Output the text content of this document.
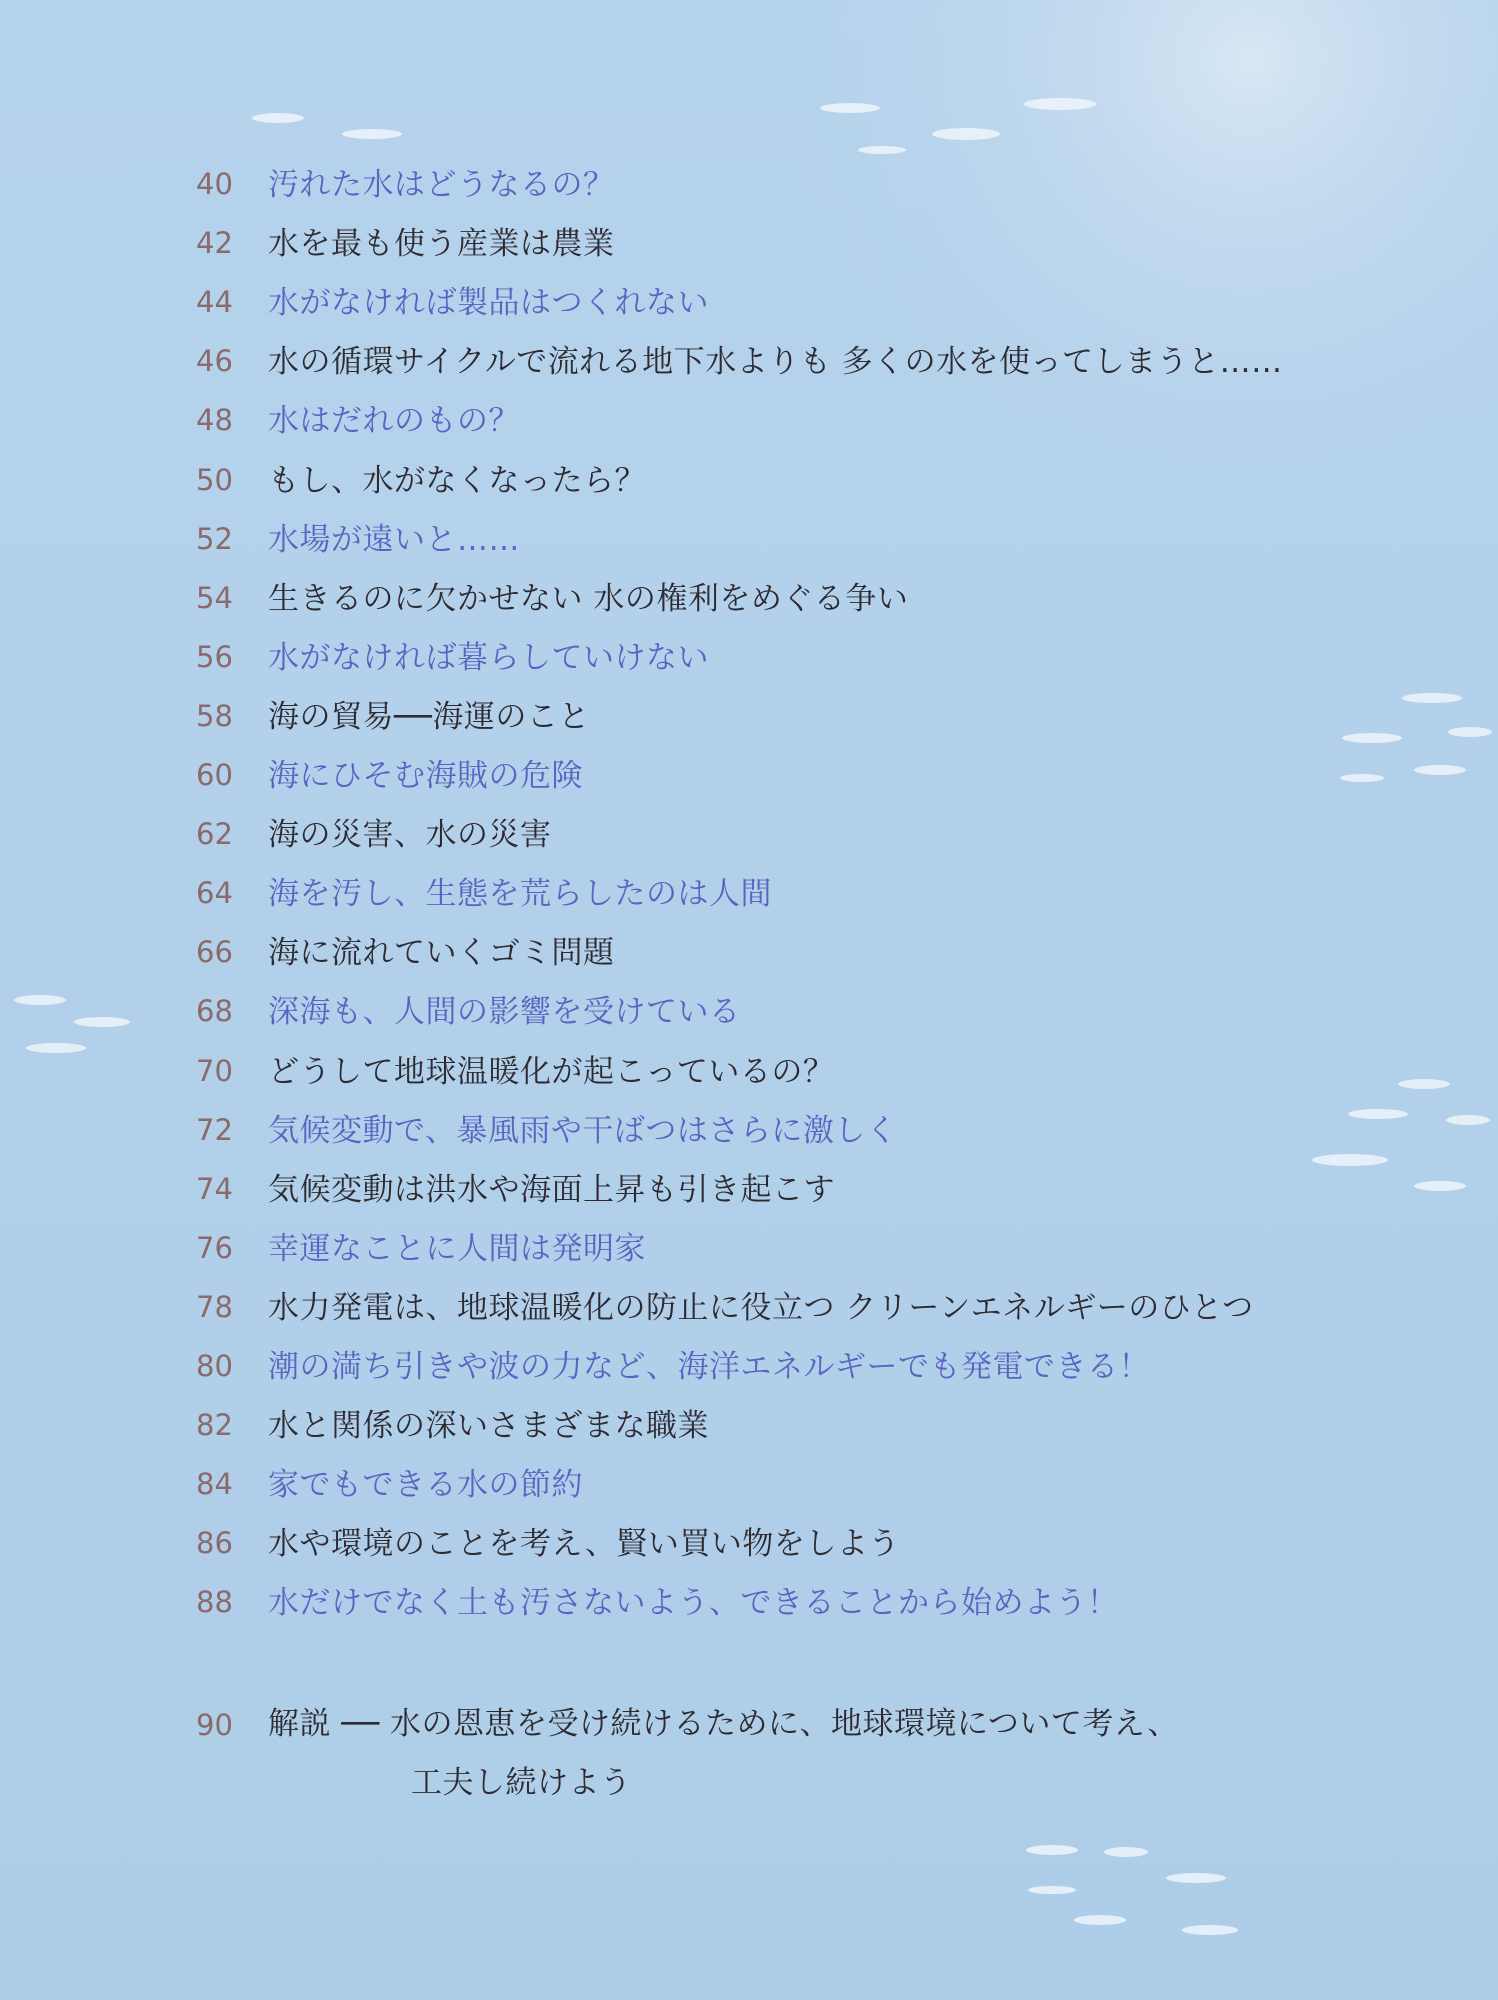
40	汚れた水はどうなるの？
42	水を最も使う産業は農業
44	水がなければ製品はつくれない
46	水の循環サイクルで流れる地下水よりも 多くの水を使ってしまうと……
48	水はだれのもの？
50	もし、水がなくなったら？
52	水場が遠いと……
54	生きるのに欠かせない 水の権利をめぐる争い
56	水がなければ暮らしていけない
58	海の貿易──海運のこと
60	海にひそむ海賊の危険
62	海の災害、水の災害
64	海を汚し、生態を荒らしたのは人間
66	海に流れていくゴミ問題
68	深海も、人間の影響を受けている
70	どうして地球温暖化が起こっているの？
72	気候変動で、暴風雨や干ばつはさらに激しく
74	気候変動は洪水や海面上昇も引き起こす
76	幸運なことに人間は発明家
78	水力発電は、地球温暖化の防止に役立つ クリーンエネルギーのひとつ
80	潮の満ち引きや波の力など、海洋エネルギーでも発電できる！
82	水と関係の深いさまざまな職業
84	家でもできる水の節約
86	水や環境のことを考え、賢い買い物をしよう
88	水だけでなく土も汚さないよう、できることから始めよう！
90	解説 ── 水の恩恵を受け続けるために、地球環境について考え、
工夫し続けよう
